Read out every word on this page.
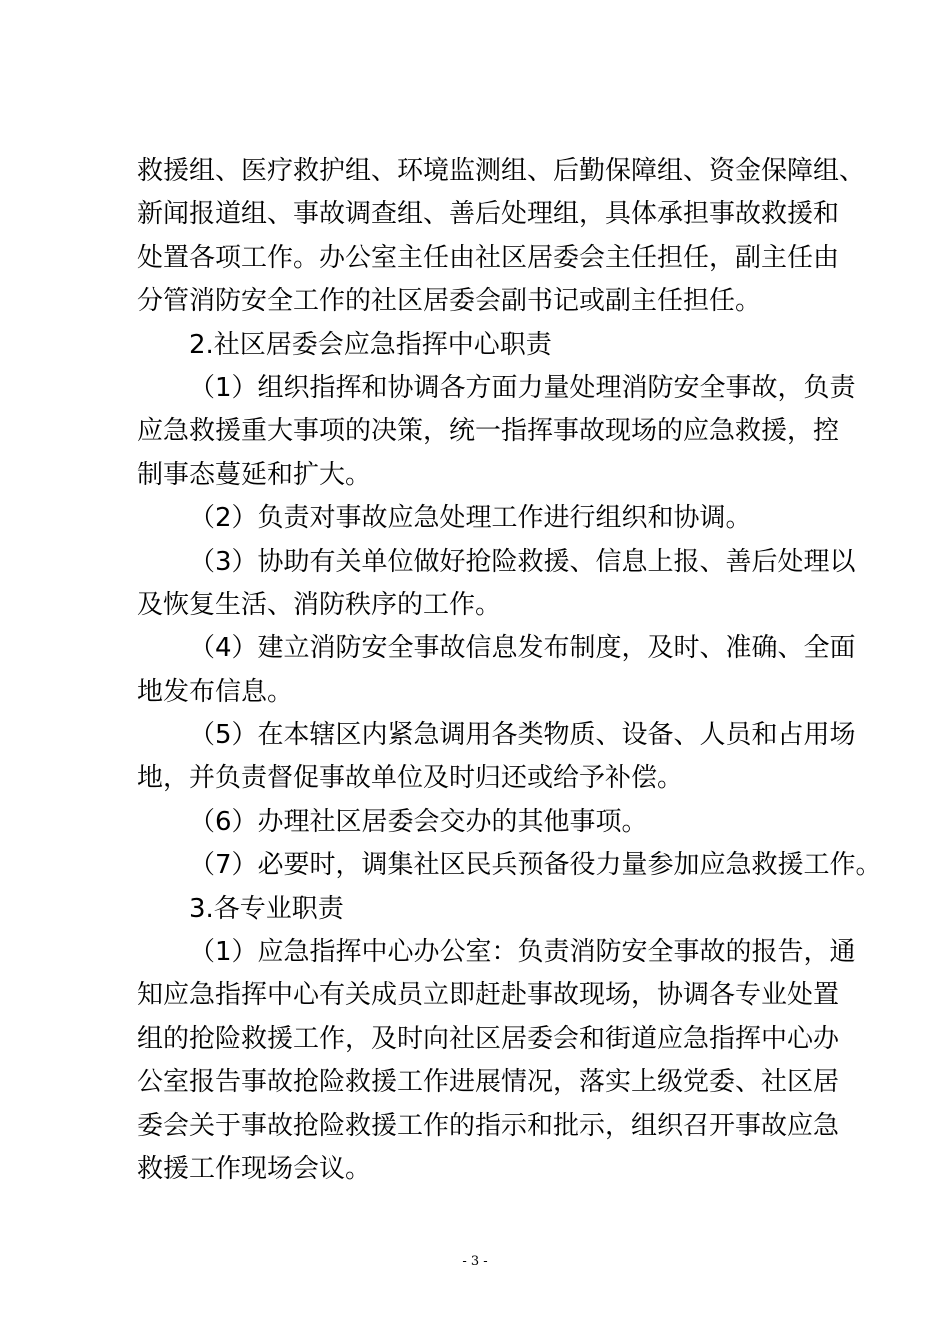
救援组、医疗救护组、环境监测组、后勤保障组、资金保障组、
新闻报道组、事故调查组、善后处理组，具体承担事故救援和
处置各项工作。办公室主任由社区居委会主任担任，副主任由
分管消防安全工作的社区居委会副书记或副主任担任。
2.社区居委会应急指挥中心职责
（1）组织指挥和协调各方面力量处理消防安全事故，负责
应急救援重大事项的决策，统一指挥事故现场的应急救援，控
制事态蔓延和扩大。
（2）负责对事故应急处理工作进行组织和协调。
（3）协助有关单位做好抢险救援、信息上报、善后处理以
及恢复生活、消防秩序的工作。
（4）建立消防安全事故信息发布制度，及时、准确、全面
地发布信息。
（5）在本辖区内紧急调用各类物质、设备、人员和占用场
地，并负责督促事故单位及时归还或给予补偿。
（6）办理社区居委会交办的其他事项。
（7）必要时，调集社区民兵预备役力量参加应急救援工作。
3.各专业职责
（1）应急指挥中心办公室：负责消防安全事故的报告，通
知应急指挥中心有关成员立即赶赴事故现场，协调各专业处置
组的抢险救援工作，及时向社区居委会和街道应急指挥中心办
公室报告事故抢险救援工作进展情况，落实上级党委、社区居
委会关于事故抢险救援工作的指示和批示，组织召开事故应急
救援工作现场会议。
- 3 -
